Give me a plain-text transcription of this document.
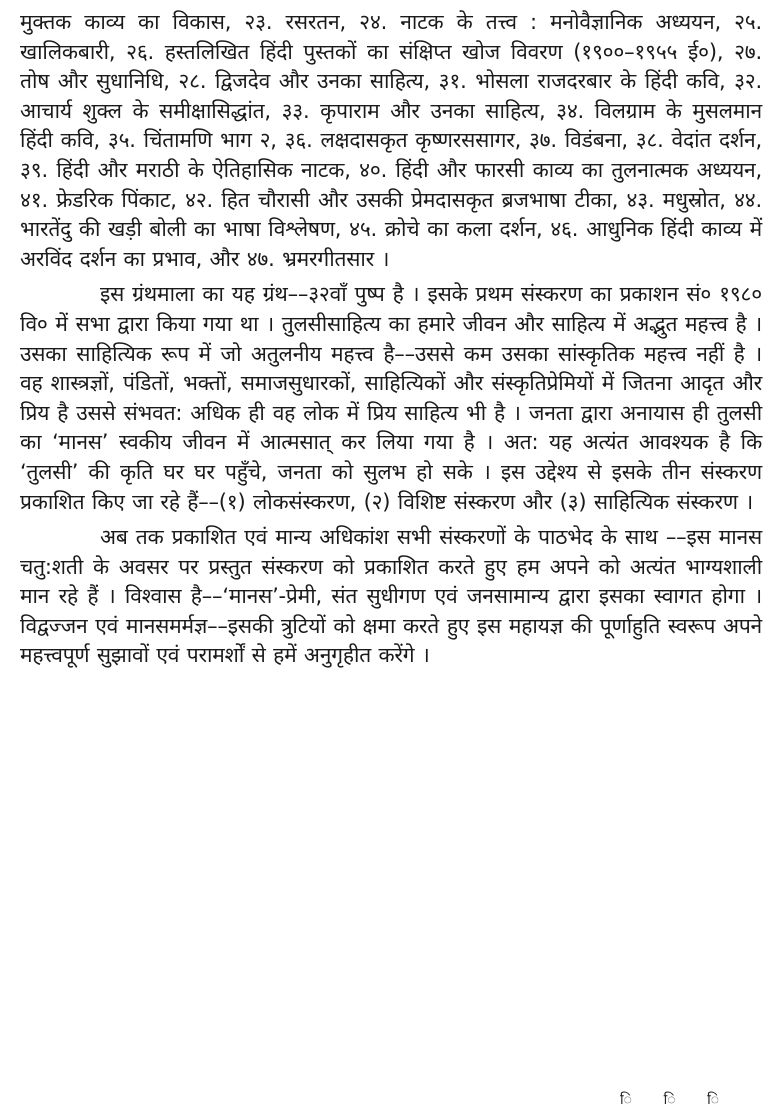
मुक्तक काव्य का विकास, २३. रसरतन, २४. नाटक के तत्त्व : मनोवैज्ञानिक अध्ययन, २५. खालिकबारी, २६. हस्तलिखित हिंदी पुस्तकों का संक्षिप्त खोज विवरण (१९००–१९५५ ई०), २७. तोष और सुधानिधि, २८. द्विजदेव और उनका साहित्य, ३१. भोसला राजदरबार के हिंदी कवि, ३२. आचार्य शुक्ल के समीक्षासिद्धांत, ३३. कृपाराम और उनका साहित्य, ३४. विलग्राम के मुसलमान हिंदी कवि, ३५. चिंतामणि भाग २, ३६. लक्षदासकृत कृष्णरससागर, ३७. विडंबना, ३८. वेदांत दर्शन, ३९. हिंदी और मराठी के ऐतिहासिक नाटक, ४०. हिंदी और फारसी काव्य का तुलनात्मक अध्ययन, ४१. फ्रेडरिक पिंकाट, ४२. हित चौरासी और उसकी प्रेमदासकृत ब्रजभाषा टीका, ४३. मधुस्रोत, ४४. भारतेंदु की खड़ी बोली का भाषा विश्लेषण, ४५. क्रोचे का कला दर्शन, ४६. आधुनिक हिंदी काव्य में अरविंद दर्शन का प्रभाव, और ४७. भ्रमरगीतसार ।

इस ग्रंथमाला का यह ग्रंथ––३२वाँ पुष्प है । इसके प्रथम संस्करण का प्रकाशन सं० १९८० वि० में सभा द्वारा किया गया था । तुलसीसाहित्य का हमारे जीवन और साहित्य में अद्भुत महत्त्व है । उसका साहित्यिक रूप में जो अतुलनीय महत्त्व है––उससे कम उसका सांस्कृतिक महत्त्व नहीं है । वह शास्त्रज्ञों, पंडितों, भक्तों, समाजसुधारकों, साहित्यिकों और संस्कृतिप्रेमियों में जितना आदृत और प्रिय है उससे संभवत: अधिक ही वह लोक में प्रिय साहित्य भी है । जनता द्वारा अनायास ही तुलसी का ‘मानस’ स्वकीय जीवन में आत्मसात् कर लिया गया है । अत: यह अत्यंत आवश्यक है कि ‘तुलसी’ की कृति घर घर पहुँचे, जनता को सुलभ हो सके । इस उद्देश्य से इसके तीन संस्करण प्रकाशित किए जा रहे हैं––(१) लोकसंस्करण, (२) विशिष्ट संस्करण और (३) साहित्यिक संस्करण ।

अब तक प्रकाशित एवं मान्य अधिकांश सभी संस्करणों के पाठभेद के साथ ––इस मानस चतु:शती के अवसर पर प्रस्तुत संस्करण को प्रकाशित करते हुए हम अपने को अत्यंत भाग्यशाली मान रहे हैं । विश्वास है––‘मानस’-प्रेमी, संत सुधीगण एवं जनसामान्य द्वारा इसका स्वागत होगा । विद्वज्जन एवं मानसमर्मज्ञ––इसकी त्रुटियों को क्षमा करते हुए इस महायज्ञ की पूर्णाहुति स्वरूप अपने महत्त्वपूर्ण सुझावों एवं परामर्शों से हमें अनुगृहीत करेंगे ।

ि ि ि
